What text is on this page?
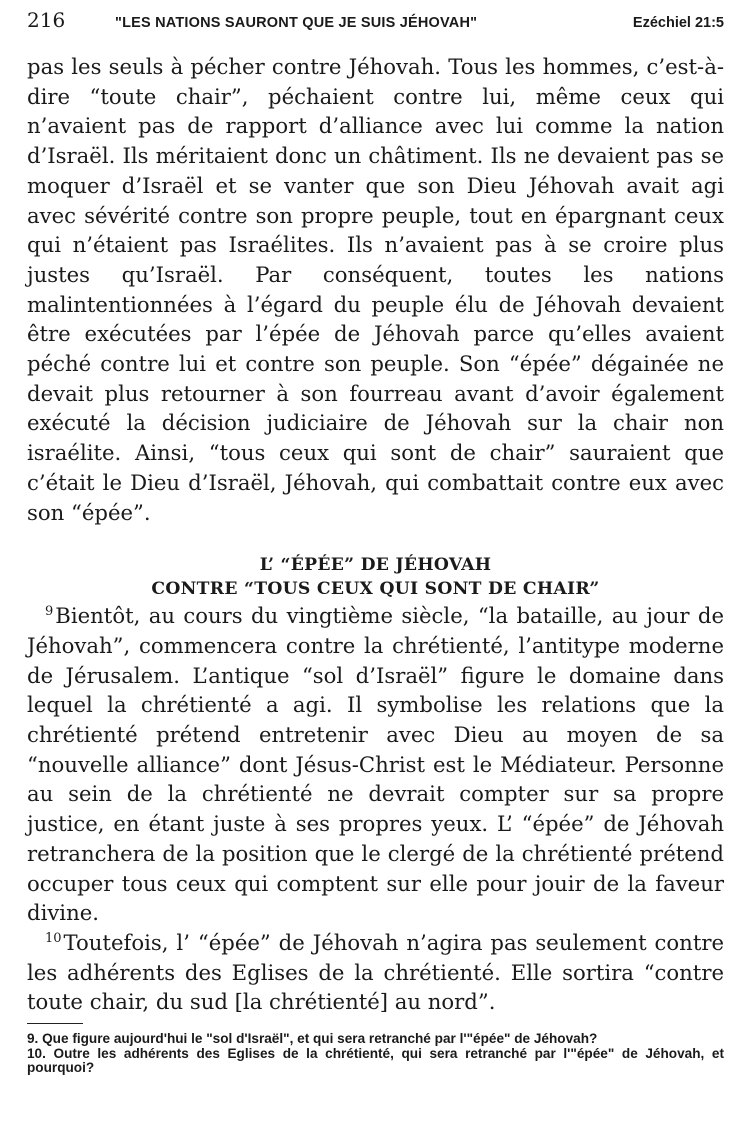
216	"LES NATIONS SAURONT QUE JE SUIS JÉHOVAH"	Ezéchiel 21:5

pas les seuls à pécher contre Jéhovah. Tous les hommes, c’est-à-dire “toute chair”, péchaient contre lui, même ceux qui n’avaient pas de rapport d’alliance avec lui comme la nation d’Israël. Ils méritaient donc un châtiment. Ils ne devaient pas se moquer d’Israël et se vanter que son Dieu Jéhovah avait agi avec sévérité contre son propre peuple, tout en épargnant ceux qui n’étaient pas Israélites. Ils n’avaient pas à se croire plus justes qu’Israël. Par conséquent, toutes les nations malintentionnées à l’égard du peuple élu de Jéhovah devaient être exécutées par l’épée de Jéhovah parce qu’elles avaient péché contre lui et contre son peuple. Son “épée” dégainée ne devait plus retourner à son fourreau avant d’avoir également exécuté la décision judiciaire de Jéhovah sur la chair non israélite. Ainsi, “tous ceux qui sont de chair” sauraient que c’était le Dieu d’Israël, Jéhovah, qui combattait contre eux avec son “épée”.

L’ “ÉPÉE” DE JÉHOVAH
CONTRE “TOUS CEUX QUI SONT DE CHAIR”

$^9$Bientôt, au cours du vingtième siècle, “la bataille, au jour de Jéhovah”, commencera contre la chrétienté, l’antitype moderne de Jérusalem. L’antique “sol d’Israël” figure le domaine dans lequel la chrétienté a agi. Il symbolise les relations que la chrétienté prétend entretenir avec Dieu au moyen de sa “nouvelle alliance” dont Jésus-Christ est le Médiateur. Personne au sein de la chrétienté ne devrait compter sur sa propre justice, en étant juste à ses propres yeux. L’ “épée” de Jéhovah retranchera de la position que le clergé de la chrétienté prétend occuper tous ceux qui comptent sur elle pour jouir de la faveur divine.

$^{10}$Toutefois, l’ “épée” de Jéhovah n’agira pas seulement contre les adhérents des Eglises de la chrétienté. Elle sortira “contre toute chair, du sud [la chrétienté] au nord”.

9. Que figure aujourd'hui le "sol d'Israël", et qui sera retranché par l'"épée" de Jéhovah?
10. Outre les adhérents des Eglises de la chrétienté, qui sera retranché par l'"épée" de Jéhovah, et pourquoi?
